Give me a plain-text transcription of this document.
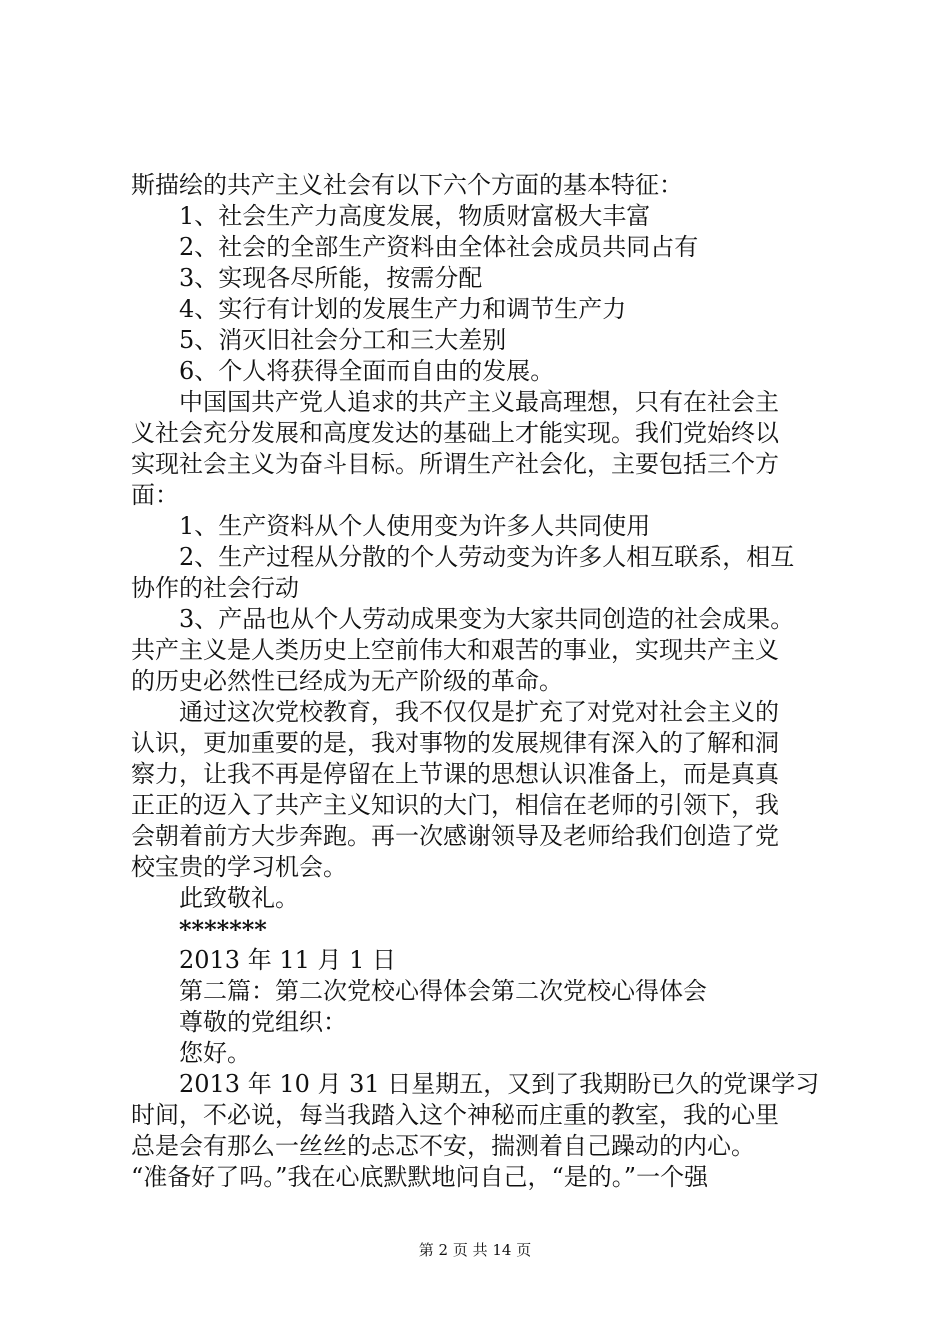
斯描绘的共产主义社会有以下六个方面的基本特征：

1、社会生产力高度发展，物质财富极大丰富

2、社会的全部生产资料由全体社会成员共同占有

3、实现各尽所能，按需分配

4、实行有计划的发展生产力和调节生产力

5、消灭旧社会分工和三大差别

6、个人将获得全面而自由的发展。

中国国共产党人追求的共产主义最高理想，只有在社会主

义社会充分发展和高度发达的基础上才能实现。我们党始终以

实现社会主义为奋斗目标。所谓生产社会化，主要包括三个方

面：

1、生产资料从个人使用变为许多人共同使用

2、生产过程从分散的个人劳动变为许多人相互联系，相互

协作的社会行动

3、产品也从个人劳动成果变为大家共同创造的社会成果。

共产主义是人类历史上空前伟大和艰苦的事业，实现共产主义

的历史必然性已经成为无产阶级的革命。

通过这次党校教育，我不仅仅是扩充了对党对社会主义的

认识，更加重要的是，我对事物的发展规律有深入的了解和洞

察力，让我不再是停留在上节课的思想认识准备上，而是真真

正正的迈入了共产主义知识的大门，相信在老师的引领下，我

会朝着前方大步奔跑。再一次感谢领导及老师给我们创造了党

校宝贵的学习机会。

此致敬礼。

*******

2013 年 11 月 1 日

第二篇：第二次党校心得体会第二次党校心得体会

尊敬的党组织：

您好。

2013 年 10 月 31 日星期五，又到了我期盼已久的党课学习

时间，不必说，每当我踏入这个神秘而庄重的教室，我的心里

总是会有那么一丝丝的忐忑不安，揣测着自己躁动的内心。

“准备好了吗。”我在心底默默地问自己，“是的。”一个强

第 2 页 共 14 页
